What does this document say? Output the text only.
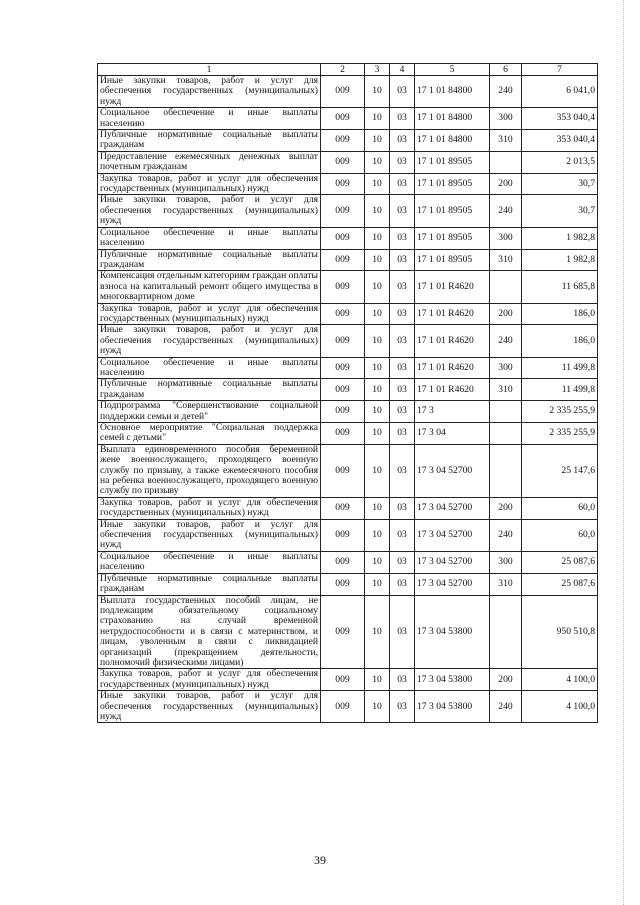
1	2	3	4	5	6	7
Иные закупки товаров, работ и услуг для обеспечения государственных (муниципальных) нужд	009	10	03	17 1 01 84800	240	6 041,0
Социальное обеспечение и иные выплаты населению	009	10	03	17 1 01 84800	300	353 040,4
Публичные нормативные социальные выплаты гражданам	009	10	03	17 1 01 84800	310	353 040,4
Предоставление ежемесячных денежных выплат почетным гражданам	009	10	03	17 1 01 89505		2 013,5
Закупка товаров, работ и услуг для обеспечения государственных (муниципальных) нужд	009	10	03	17 1 01 89505	200	30,7
Иные закупки товаров, работ и услуг для обеспечения государственных (муниципальных) нужд	009	10	03	17 1 01 89505	240	30,7
Социальное обеспечение и иные выплаты населению	009	10	03	17 1 01 89505	300	1 982,8
Публичные нормативные социальные выплаты гражданам	009	10	03	17 1 01 89505	310	1 982,8
Компенсация отдельным категориям граждан оплаты взноса на капитальный ремонт общего имущества в многоквартирном доме	009	10	03	17 1 01 R4620		11 685,8
Закупка товаров, работ и услуг для обеспечения государственных (муниципальных) нужд	009	10	03	17 1 01 R4620	200	186,0
Иные закупки товаров, работ и услуг для обеспечения государственных (муниципальных) нужд	009	10	03	17 1 01 R4620	240	186,0
Социальное обеспечение и иные выплаты населению	009	10	03	17 1 01 R4620	300	11 499,8
Публичные нормативные социальные выплаты гражданам	009	10	03	17 1 01 R4620	310	11 499,8
Подпрограмма "Совершенствование социальной поддержки семьи и детей"	009	10	03	17 3		2 335 255,9
Основное мероприятие "Социальная поддержка семей с детьми"	009	10	03	17 3 04		2 335 255,9
Выплата единовременного пособия беременной жене военнослужащего, проходящего военную службу по призыву, а также ежемесячного пособия на ребенка военнослужащего, проходящего военную службу по призыву	009	10	03	17 3 04 52700		25 147,6
Закупка товаров, работ и услуг для обеспечения государственных (муниципальных) нужд	009	10	03	17 3 04 52700	200	60,0
Иные закупки товаров, работ и услуг для обеспечения государственных (муниципальных) нужд	009	10	03	17 3 04 52700	240	60,0
Социальное обеспечение и иные выплаты населению	009	10	03	17 3 04 52700	300	25 087,6
Публичные нормативные социальные выплаты гражданам	009	10	03	17 3 04 52700	310	25 087,6
Выплата государственных пособий лицам, не подлежащим обязательному социальному страхованию на случай временной нетрудоспособности и в связи с материнством, и лицам, уволенным в связи с ликвидацией организаций (прекращением деятельности, полномочий физическими лицами)	009	10	03	17 3 04 53800		950 510,8
Закупка товаров, работ и услуг для обеспечения государственных (муниципальных) нужд	009	10	03	17 3 04 53800	200	4 100,0
Иные закупки товаров, работ и услуг для обеспечения государственных (муниципальных) нужд	009	10	03	17 3 04 53800	240	4 100,0
39
